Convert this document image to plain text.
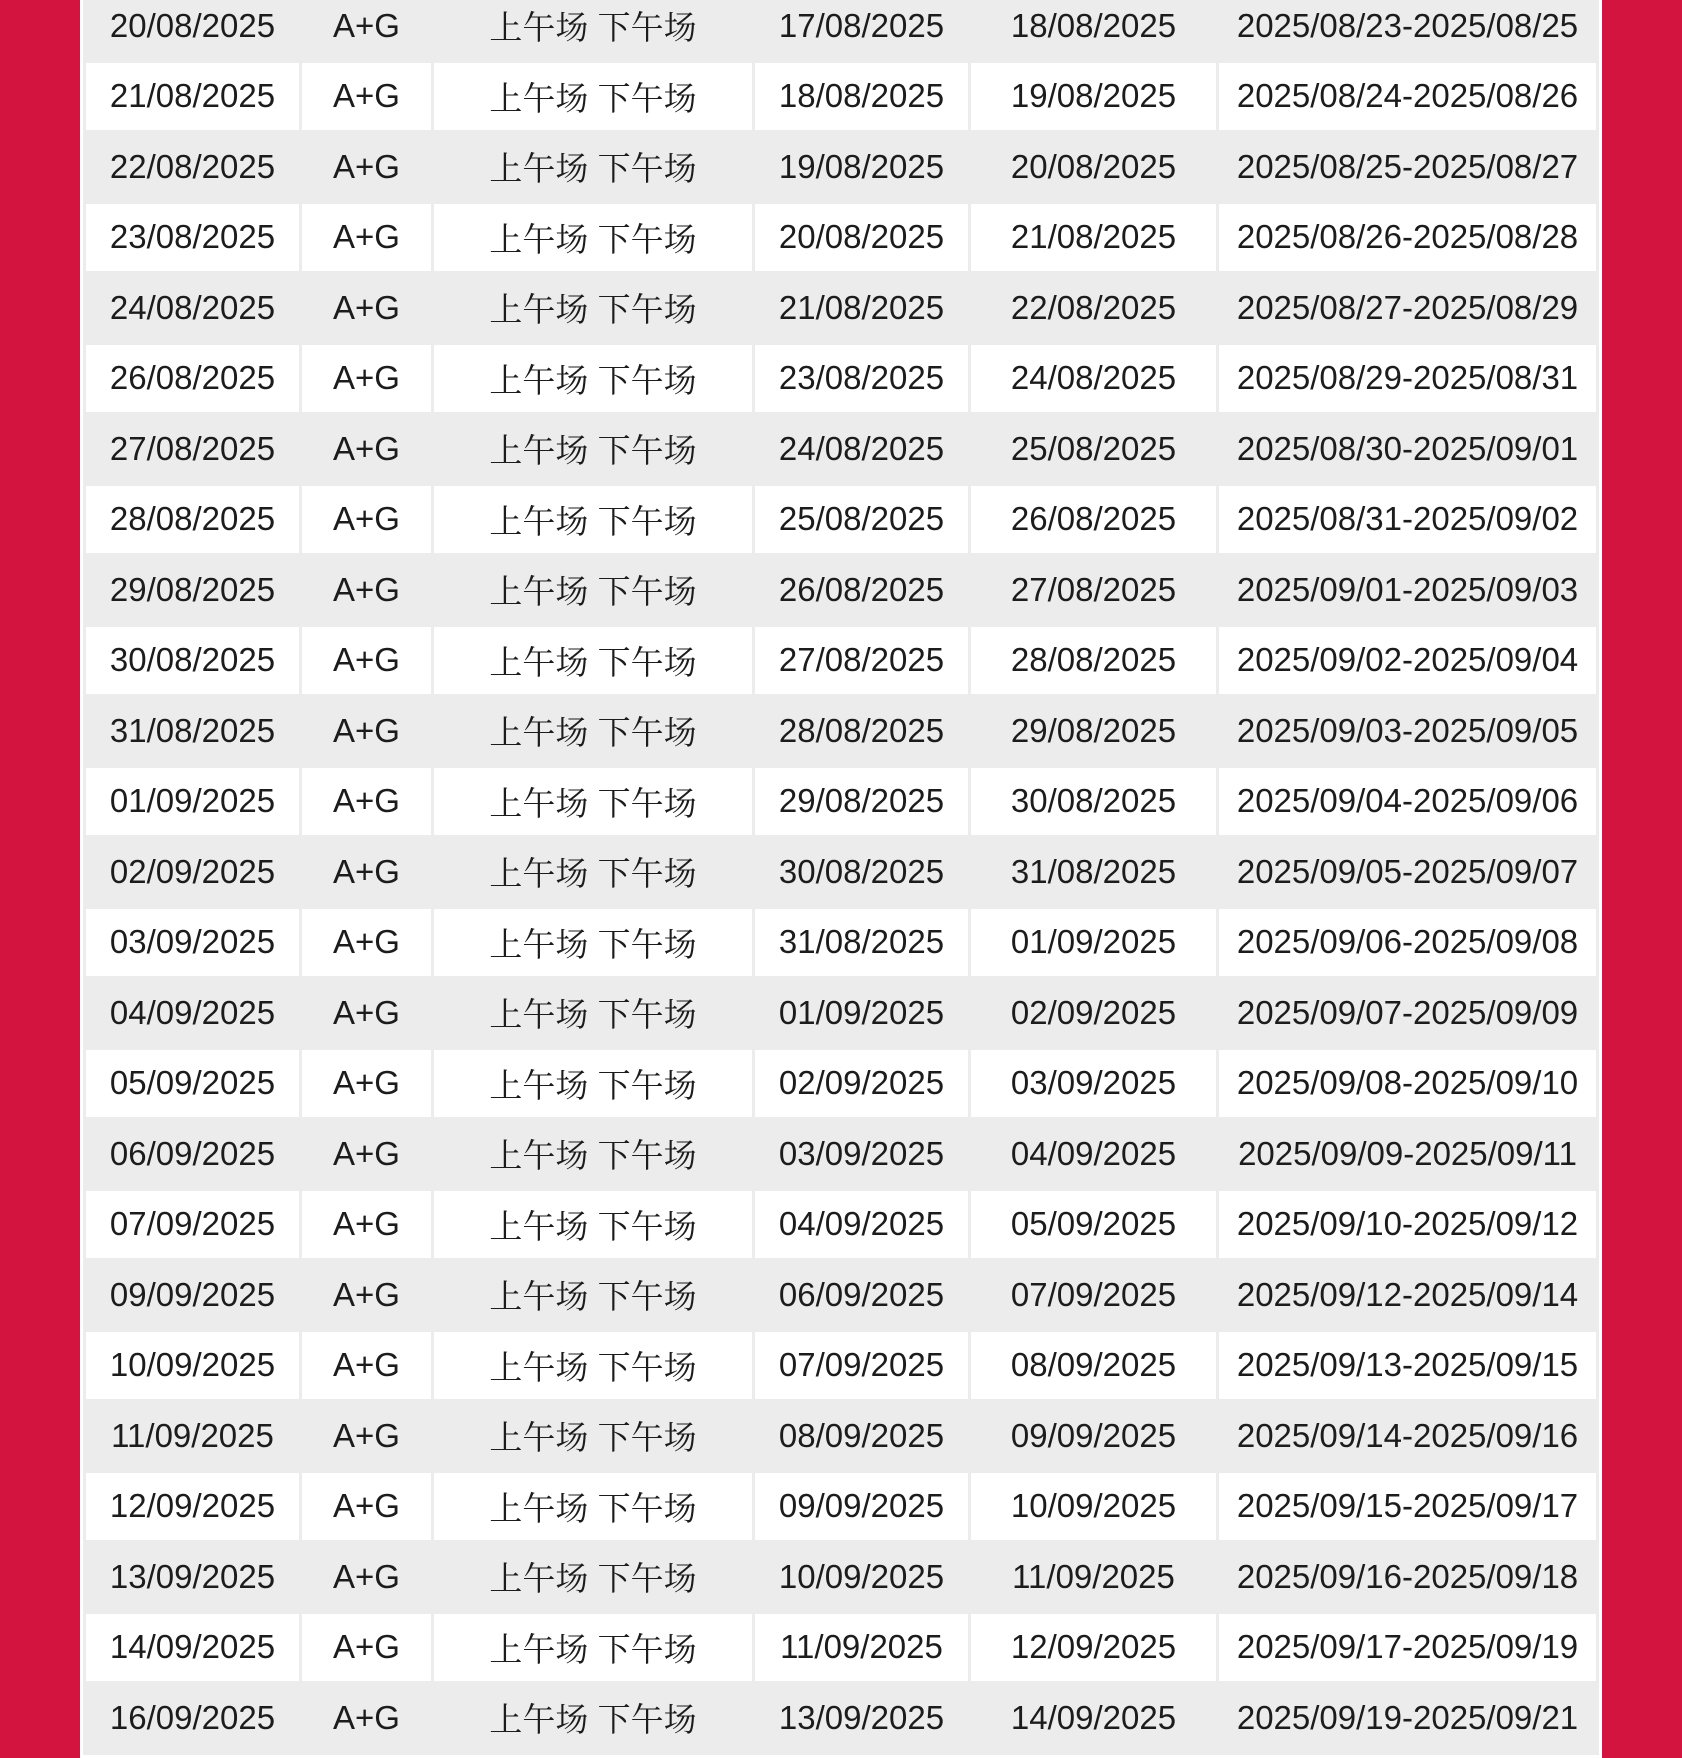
20/08/2025	A+G	上午场 下午场	17/08/2025	18/08/2025	2025/08/23-2025/08/25
21/08/2025	A+G	上午场 下午场	18/08/2025	19/08/2025	2025/08/24-2025/08/26
22/08/2025	A+G	上午场 下午场	19/08/2025	20/08/2025	2025/08/25-2025/08/27
23/08/2025	A+G	上午场 下午场	20/08/2025	21/08/2025	2025/08/26-2025/08/28
24/08/2025	A+G	上午场 下午场	21/08/2025	22/08/2025	2025/08/27-2025/08/29
26/08/2025	A+G	上午场 下午场	23/08/2025	24/08/2025	2025/08/29-2025/08/31
27/08/2025	A+G	上午场 下午场	24/08/2025	25/08/2025	2025/08/30-2025/09/01
28/08/2025	A+G	上午场 下午场	25/08/2025	26/08/2025	2025/08/31-2025/09/02
29/08/2025	A+G	上午场 下午场	26/08/2025	27/08/2025	2025/09/01-2025/09/03
30/08/2025	A+G	上午场 下午场	27/08/2025	28/08/2025	2025/09/02-2025/09/04
31/08/2025	A+G	上午场 下午场	28/08/2025	29/08/2025	2025/09/03-2025/09/05
01/09/2025	A+G	上午场 下午场	29/08/2025	30/08/2025	2025/09/04-2025/09/06
02/09/2025	A+G	上午场 下午场	30/08/2025	31/08/2025	2025/09/05-2025/09/07
03/09/2025	A+G	上午场 下午场	31/08/2025	01/09/2025	2025/09/06-2025/09/08
04/09/2025	A+G	上午场 下午场	01/09/2025	02/09/2025	2025/09/07-2025/09/09
05/09/2025	A+G	上午场 下午场	02/09/2025	03/09/2025	2025/09/08-2025/09/10
06/09/2025	A+G	上午场 下午场	03/09/2025	04/09/2025	2025/09/09-2025/09/11
07/09/2025	A+G	上午场 下午场	04/09/2025	05/09/2025	2025/09/10-2025/09/12
09/09/2025	A+G	上午场 下午场	06/09/2025	07/09/2025	2025/09/12-2025/09/14
10/09/2025	A+G	上午场 下午场	07/09/2025	08/09/2025	2025/09/13-2025/09/15
11/09/2025	A+G	上午场 下午场	08/09/2025	09/09/2025	2025/09/14-2025/09/16
12/09/2025	A+G	上午场 下午场	09/09/2025	10/09/2025	2025/09/15-2025/09/17
13/09/2025	A+G	上午场 下午场	10/09/2025	11/09/2025	2025/09/16-2025/09/18
14/09/2025	A+G	上午场 下午场	11/09/2025	12/09/2025	2025/09/17-2025/09/19
16/09/2025	A+G	上午场 下午场	13/09/2025	14/09/2025	2025/09/19-2025/09/21
